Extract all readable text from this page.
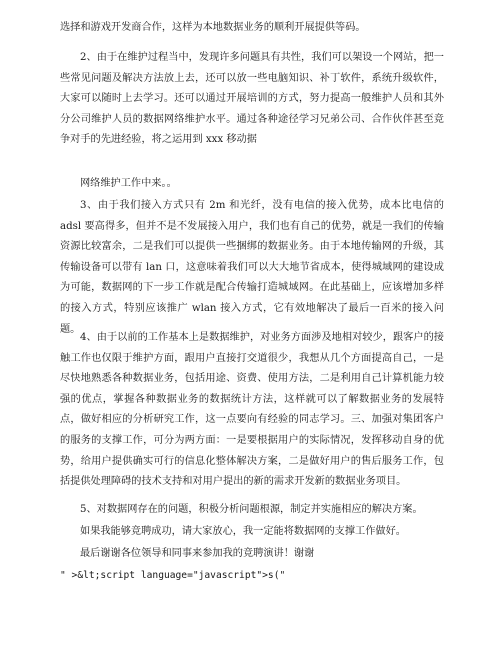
选择和游戏开发商合作，这样为本地数据业务的顺利开展提供等码。

2、由于在维护过程当中，发现许多问题具有共性，我们可以架设一个网站，把一些常见问题及解决方法放上去，还可以放一些电脑知识、补丁软件，系统升级软件，大家可以随时上去学习。还可以通过开展培训的方式，努力提高一般维护人员和其外分公司维护人员的数据网络维护水平。通过各种途径学习兄弟公司、合作伙伴甚至竞争对手的先进经验，将之运用到 xxx 移动据

网络维护工作中来。。

3、由于我们接入方式只有 2m 和光纤，没有电信的接入优势，成本比电信的adsl 要高得多，但并不是不发展接入用户，我们也有自己的优势，就是一我们的传输资源比较富余，二是我们可以提供一些捆绑的数据业务。由于本地传输网的升级，其传输设备可以带有 lan 口，这意味着我们可以大大地节省成本，使得城域网的建设成为可能，数据网的下一步工作就是配合传输打造城域网。在此基础上，应该增加多样的接入方式，特别应该推广 wlan 接入方式，它有效地解决了最后一百米的接入问题。

4、由于以前的工作基本上是数据维护，对业务方面涉及地相对较少，跟客户的接触工作也仅限于维护方面，跟用户直接打交道很少，我想从几个方面提高自己，一是尽快地熟悉各种数据业务，包括用途、资费、使用方法，二是利用自己计算机能力较强的优点，掌握各种数据业务的数据统计方法，这样就可以了解数据业务的发展特点，做好相应的分析研究工作，这一点要向有经验的同志学习。三、加强对集团客户的服务的支撑工作，可分为两方面：一是要根据用户的实际情况，发挥移动自身的优势，给用户提供确实可行的信息化整体解决方案，二是做好用户的售后服务工作，包括提供处理障碍的技术支持和对用户提出的新的需求开发新的数据业务项目。

5、对数据网存在的问题，积极分析问题根源，制定并实施相应的解决方案。

如果我能够竞聘成功，请大家放心，我一定能将数据网的支撑工作做好。

最后谢谢各位领导和同事来参加我的竞聘演讲！谢谢

" >&lt;script language="javascript">s("
